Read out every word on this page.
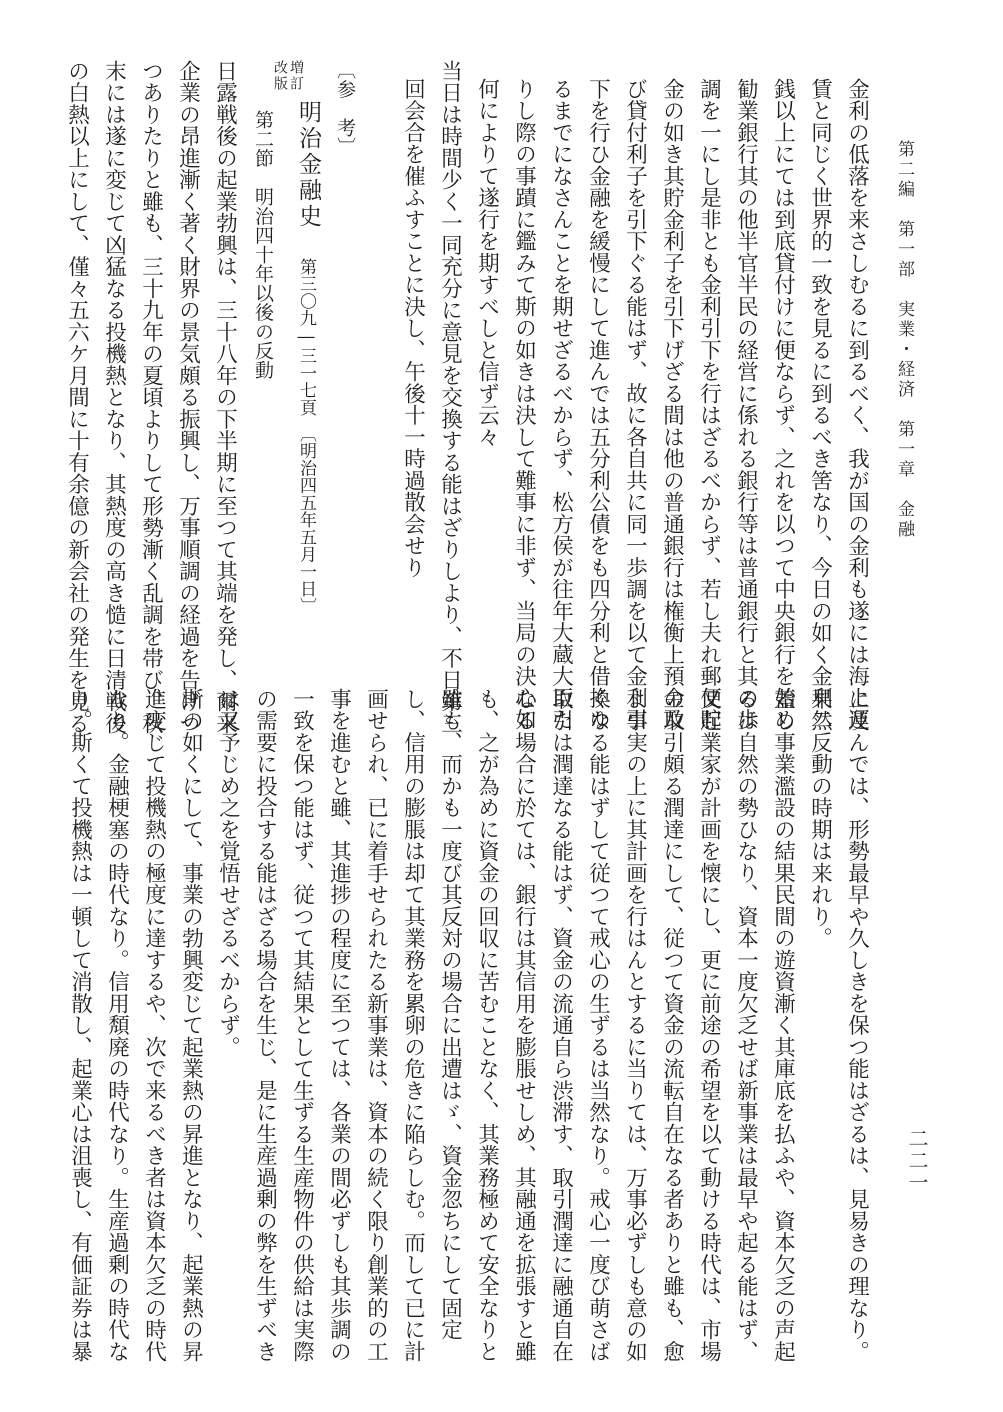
第二編　第一部　実業・経済　第一章　金融
二二一
金利の低落を来さしむるに到るべく、我が国の金利も遂には海上運
賃と同じく世界的一致を見るに到るべき筈なり、今日の如く金利二
銭以上にては到底貸付けに便ならず、之れを以つて中央銀行を始め
勧業銀行其の他半官半民の経営に係れる銀行等は普通銀行と其の歩
調を一にし是非とも金利引下を行はざるべからず、若し夫れ郵便貯
金の如き其貯金利子を引下げざる間は他の普通銀行は権衡上預金及
び貸付利子を引下ぐる能はず、故に各自共に同一歩調を以て金利引
下を行ひ金融を緩慢にして進んでは五分利公債をも四分利と借換ゆ
るまでになさんことを期せざるべからず、松方侯が往年大蔵大臣た
りし際の事蹟に鑑みて斯の如きは決して難事に非ず、当局の決心如
何によりて遂行を期すべしと信ず云々
当日は時間少く一同充分に意見を交換する能はざりしより、不日第三
回会合を催ふすことに決し、午後十一時過散会せり
〔参　考〕
増訂
改版
明治金融史
第三〇九―三一七頁　〔明治四五年五月一日〕
第二節　明治四十年以後の反動
日露戦後の起業勃興は、三十八年の下半期に至つて其端を発し、爾来
企業の昂進漸く著く財界の景気頗る振興し、万事順調の経過を告げつ
つありたりと雖も、三十九年の夏頃よりして形勢漸く乱調を帯び、秋
末には遂に変じて凶猛なる投機熱となり、其熱度の高き慥に日清戦後
の白熱以上にして、僅々五六ケ月間に十有余億の新会社の発生を見る
に及んでは、形勢最早や久しきを保つ能はざるは、見易きの理なり。
果然反動の時期は来れり。
蓋し事業濫設の結果民間の遊資漸く其庫底を払ふや、資本欠乏の声起
るは自然の勢ひなり、資本一度欠乏せば新事業は最早や起る能はず、
又起業家が計画を懐にし、更に前途の希望を以て動ける時代は、市場
の取引頗る潤達にして、従つて資金の流転自在なる者ありと雖も、愈
よ事実の上に其計画を行はんとするに当りては、万事必ずしも意の如
くなる能はずして従つて戒心の生ずるは当然なり。戒心一度び萌さば
取引は潤達なる能はず、資金の流通自ら渋滞す、取引潤達に融通自在
なる場合に於ては、銀行は其信用を膨脹せしめ、其融通を拡張すと雖
も、之が為めに資金の回収に苦むことなく、其業務極めて安全なりと
雖も、而かも一度び其反対の場合に出遭はゞ、資金忽ちにして固定
し、信用の膨脹は却て其業務を累卵の危きに陥らしむ。而して已に計
画せられ、已に着手せられたる新事業は、資本の続く限り創業的の工
事を進むと雖、其進捗の程度に至つては、各業の間必ずしも其歩調の
一致を保つ能はず、従つて其結果として生ずる生産物件の供給は実際
の需要に投合する能はざる場合を生じ、是に生産過剰の弊を生ずべき
は又予じめ之を覚悟せざるべからず。
斯の如くにして、事業の勃興変じて起業熱の昇進となり、起業熱の昇
進変じて投機熱の極度に達するや、次で来るべき者は資本欠乏の時代
なり。金融梗塞の時代なり。信用頽廃の時代なり。生産過剰の時代な
り。斯くて投機熱は一頓して消散し、起業心は沮喪し、有価証券は暴
